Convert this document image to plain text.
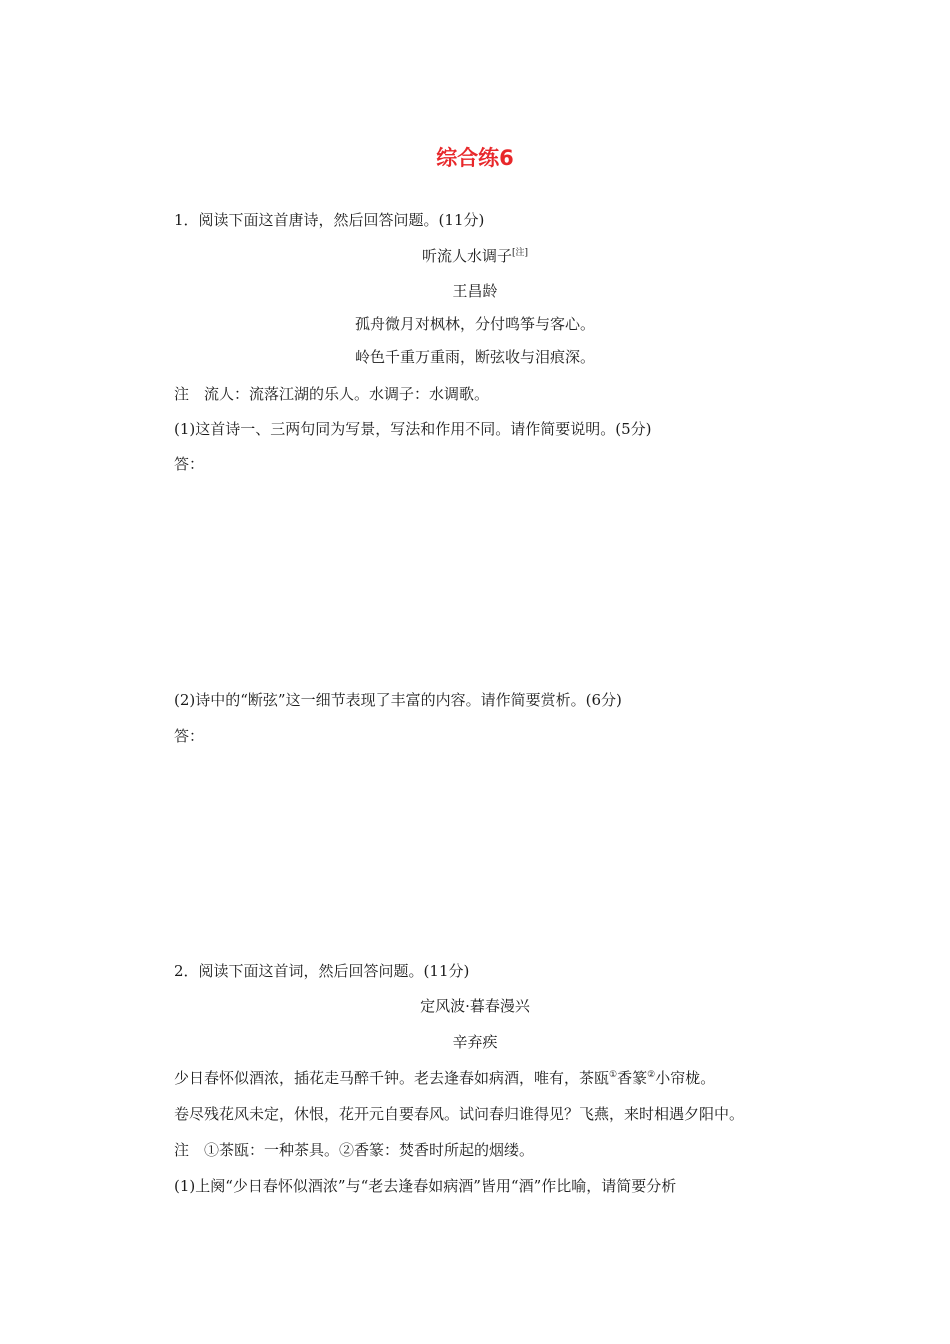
综合练6
1．阅读下面这首唐诗，然后回答问题。(11分)
听流人水调子[注]
王昌龄
孤舟微月对枫林，分付鸣筝与客心。
岭色千重万重雨，断弦收与泪痕深。
注　流人：流落江湖的乐人。水调子：水调歌。
(1)这首诗一、三两句同为写景，写法和作用不同。请作简要说明。(5分)
答：
(2)诗中的“断弦”这一细节表现了丰富的内容。请作简要赏析。(6分)
答：
2．阅读下面这首词，然后回答问题。(11分)
定风波·暮春漫兴
辛弃疾
少日春怀似酒浓，插花走马醉千钟。老去逢春如病酒，唯有，茶瓯①香篆②小帘栊。
卷尽残花风未定，休恨，花开元自要春风。试问春归谁得见？飞燕，来时相遇夕阳中。
注　①茶瓯：一种茶具。②香篆：焚香时所起的烟缕。
(1)上阕“少日春怀似酒浓”与“老去逢春如病酒”皆用“酒”作比喻，请简要分析
